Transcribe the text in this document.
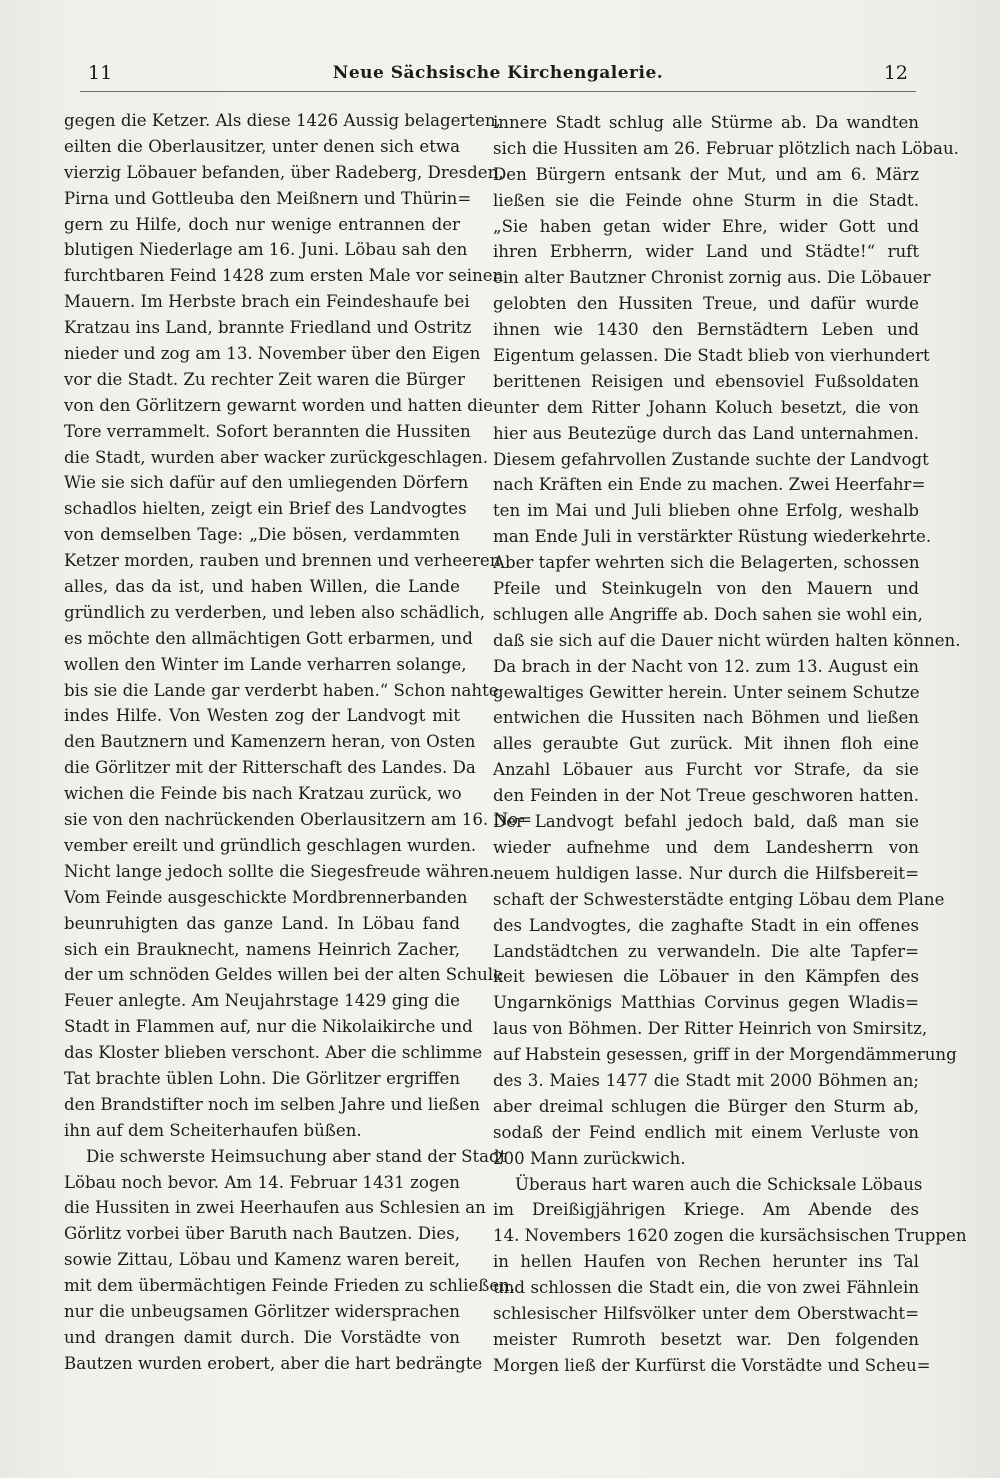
11	Neue Sächsische Kirchengalerie.	12
gegen die Ketzer. Als diese 1426 Aussig belagerten,
eilten die Oberlausitzer, unter denen sich etwa
vierzig Löbauer befanden, über Radeberg, Dresden,
Pirna und Gottleuba den Meißnern und Thürin=
gern zu Hilfe, doch nur wenige entrannen der
blutigen Niederlage am 16. Juni. Löbau sah den
furchtbaren Feind 1428 zum ersten Male vor seinen
Mauern. Im Herbste brach ein Feindeshaufe bei
Kratzau ins Land, brannte Friedland und Ostritz
nieder und zog am 13. November über den Eigen
vor die Stadt. Zu rechter Zeit waren die Bürger
von den Görlitzern gewarnt worden und hatten die
Tore verrammelt. Sofort berannten die Hussiten
die Stadt, wurden aber wacker zurückgeschlagen.
Wie sie sich dafür auf den umliegenden Dörfern
schadlos hielten, zeigt ein Brief des Landvogtes
von demselben Tage: „Die bösen, verdammten
Ketzer morden, rauben und brennen und verheeren
alles, das da ist, und haben Willen, die Lande
gründlich zu verderben, und leben also schädlich,
es möchte den allmächtigen Gott erbarmen, und
wollen den Winter im Lande verharren solange,
bis sie die Lande gar verderbt haben.“ Schon nahte
indes Hilfe. Von Westen zog der Landvogt mit
den Bautznern und Kamenzern heran, von Osten
die Görlitzer mit der Ritterschaft des Landes. Da
wichen die Feinde bis nach Kratzau zurück, wo
sie von den nachrückenden Oberlausitzern am 16. No=
vember ereilt und gründlich geschlagen wurden.
Nicht lange jedoch sollte die Siegesfreude währen.
Vom Feinde ausgeschickte Mordbrennerbanden
beunruhigten das ganze Land. In Löbau fand
sich ein Brauknecht, namens Heinrich Zacher,
der um schnöden Geldes willen bei der alten Schule
Feuer anlegte. Am Neujahrstage 1429 ging die
Stadt in Flammen auf, nur die Nikolaikirche und
das Kloster blieben verschont. Aber die schlimme
Tat brachte üblen Lohn. Die Görlitzer ergriffen
den Brandstifter noch im selben Jahre und ließen
ihn auf dem Scheiterhaufen büßen.
Die schwerste Heimsuchung aber stand der Stadt
Löbau noch bevor. Am 14. Februar 1431 zogen
die Hussiten in zwei Heerhaufen aus Schlesien an
Görlitz vorbei über Baruth nach Bautzen. Dies,
sowie Zittau, Löbau und Kamenz waren bereit,
mit dem übermächtigen Feinde Frieden zu schließen,
nur die unbeugsamen Görlitzer widersprachen
und drangen damit durch. Die Vorstädte von
Bautzen wurden erobert, aber die hart bedrängte
innere Stadt schlug alle Stürme ab. Da wandten
sich die Hussiten am 26. Februar plötzlich nach Löbau.
Den Bürgern entsank der Mut, und am 6. März
ließen sie die Feinde ohne Sturm in die Stadt.
„Sie haben getan wider Ehre, wider Gott und
ihren Erbherrn, wider Land und Städte!“ ruft
ein alter Bautzner Chronist zornig aus. Die Löbauer
gelobten den Hussiten Treue, und dafür wurde
ihnen wie 1430 den Bernstädtern Leben und
Eigentum gelassen. Die Stadt blieb von vierhundert
berittenen Reisigen und ebensoviel Fußsoldaten
unter dem Ritter Johann Koluch besetzt, die von
hier aus Beutezüge durch das Land unternahmen.
Diesem gefahrvollen Zustande suchte der Landvogt
nach Kräften ein Ende zu machen. Zwei Heerfahr=
ten im Mai und Juli blieben ohne Erfolg, weshalb
man Ende Juli in verstärkter Rüstung wiederkehrte.
Aber tapfer wehrten sich die Belagerten, schossen
Pfeile und Steinkugeln von den Mauern und
schlugen alle Angriffe ab. Doch sahen sie wohl ein,
daß sie sich auf die Dauer nicht würden halten können.
Da brach in der Nacht von 12. zum 13. August ein
gewaltiges Gewitter herein. Unter seinem Schutze
entwichen die Hussiten nach Böhmen und ließen
alles geraubte Gut zurück. Mit ihnen floh eine
Anzahl Löbauer aus Furcht vor Strafe, da sie
den Feinden in der Not Treue geschworen hatten.
Der Landvogt befahl jedoch bald, daß man sie
wieder aufnehme und dem Landesherrn von
neuem huldigen lasse. Nur durch die Hilfsbereit=
schaft der Schwesterstädte entging Löbau dem Plane
des Landvogtes, die zaghafte Stadt in ein offenes
Landstädtchen zu verwandeln. Die alte Tapfer=
keit bewiesen die Löbauer in den Kämpfen des
Ungarnkönigs Matthias Corvinus gegen Wladis=
laus von Böhmen. Der Ritter Heinrich von Smirsitz,
auf Habstein gesessen, griff in der Morgendämmerung
des 3. Maies 1477 die Stadt mit 2000 Böhmen an;
aber dreimal schlugen die Bürger den Sturm ab,
sodaß der Feind endlich mit einem Verluste von
200 Mann zurückwich.
Überaus hart waren auch die Schicksale Löbaus
im Dreißigjährigen Kriege. Am Abende des
14. Novembers 1620 zogen die kursächsischen Truppen
in hellen Haufen von Rechen herunter ins Tal
und schlossen die Stadt ein, die von zwei Fähnlein
schlesischer Hilfsvölker unter dem Oberstwacht=
meister Rumroth besetzt war. Den folgenden
Morgen ließ der Kurfürst die Vorstädte und Scheu=
